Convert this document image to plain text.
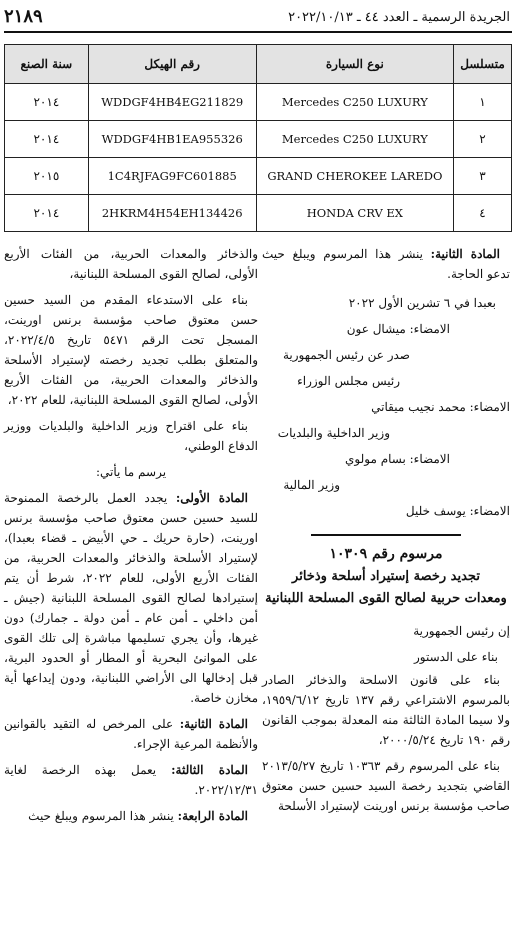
الجريدة الرسمية ـ العدد ٤٤ ـ ٢٠٢٢/١٠/١٣
٢١٨٩
متسلسل	نوع السيارة	رقم الهيكل	سنة الصنع
١	Mercedes C250 LUXURY	WDDGF4HB4EG211829	٢٠١٤
٢	Mercedes C250 LUXURY	WDDGF4HB1EA955326	٢٠١٤
٣	GRAND CHEROKEE LAREDO	1C4RJFAG9FC601885	٢٠١٥
٤	HONDA CRV EX	2HKRM4H54EH134426	٢٠١٤

المادة الثانية: ينشر هذا المرسوم ويبلغ حيث تدعو الحاجة.

بعبدا في ٦ تشرين الأول ٢٠٢٢

الامضاء: ميشال عون

صدر عن رئيس الجمهورية

رئيس مجلس الوزراء

الامضاء: محمد نجيب ميقاتي

وزير الداخلية والبلديات

الامضاء: بسام مولوي

وزير المالية

الامضاء: يوسف خليل

مرسوم رقم ١٠٣٠٩

تجديد رخصة إستيراد أسلحة وذخائر
ومعدات حربية لصالح القوى المسلحة اللبنانية

إن رئيس الجمهورية

بناء على الدستور

بناء على قانون الاسلحة والذخائر الصادر بالمرسوم الاشتراعي رقم ١٣٧ تاريخ ١٩٥٩/٦/١٢، ولا سيما المادة الثالثة منه المعدلة بموجب القانون رقم ١٩٠ تاريخ ٢٠٠٠/٥/٢٤،

بناء على المرسوم رقم ١٠٣٦٣ تاريخ ٢٠١٣/٥/٢٧ القاضي بتجديد رخصة السيد حسين حسن معتوق صاحب مؤسسة برنس اورينت لإستيراد الأسلحة

والذخائر والمعدات الحربية، من الفئات الأربع الأولى، لصالح القوى المسلحة اللبنانية،

بناء على الاستدعاء المقدم من السيد حسين حسن معتوق صاحب مؤسسة برنس اورينت، المسجل تحت الرقم ٥٤٧١ تاريخ ٢٠٢٢/٤/٥، والمتعلق بطلب تجديد رخصته لإستيراد الأسلحة والذخائر والمعدات الحربية، من الفئات الأربع الأولى، لصالح القوى المسلحة اللبنانية، للعام ٢٠٢٢،

بناء على اقتراح وزير الداخلية والبلديات ووزير الدفاع الوطني،

يرسم ما يأتي:

المادة الأولى: يجدد العمل بالرخصة الممنوحة للسيد حسين حسن معتوق صاحب مؤسسة برنس اورينت، (حارة حريك ـ حي الأبيض ـ قضاء بعبدا)، لإستيراد الأسلحة والذخائر والمعدات الحربية، من الفئات الأربع الأولى، للعام ٢٠٢٢، شرط أن يتم إستيرادها لصالح القوى المسلحة اللبنانية (جيش ـ أمن داخلي ـ أمن عام ـ أمن دولة ـ جمارك) دون غيرها، وأن يجري تسليمها مباشرة إلى تلك القوى على الموانئ البحرية أو المطار أو الحدود البرية، قبل إدخالها الى الأراضي اللبنانية، ودون إيداعها أية مخازن خاصة.

المادة الثانية: على المرخص له التقيد بالقوانين والأنظمة المرعية الإجراء.

المادة الثالثة: يعمل بهذه الرخصة لغاية ٢٠٢٢/١٢/٣١.

المادة الرابعة: ينشر هذا المرسوم ويبلغ حيث
